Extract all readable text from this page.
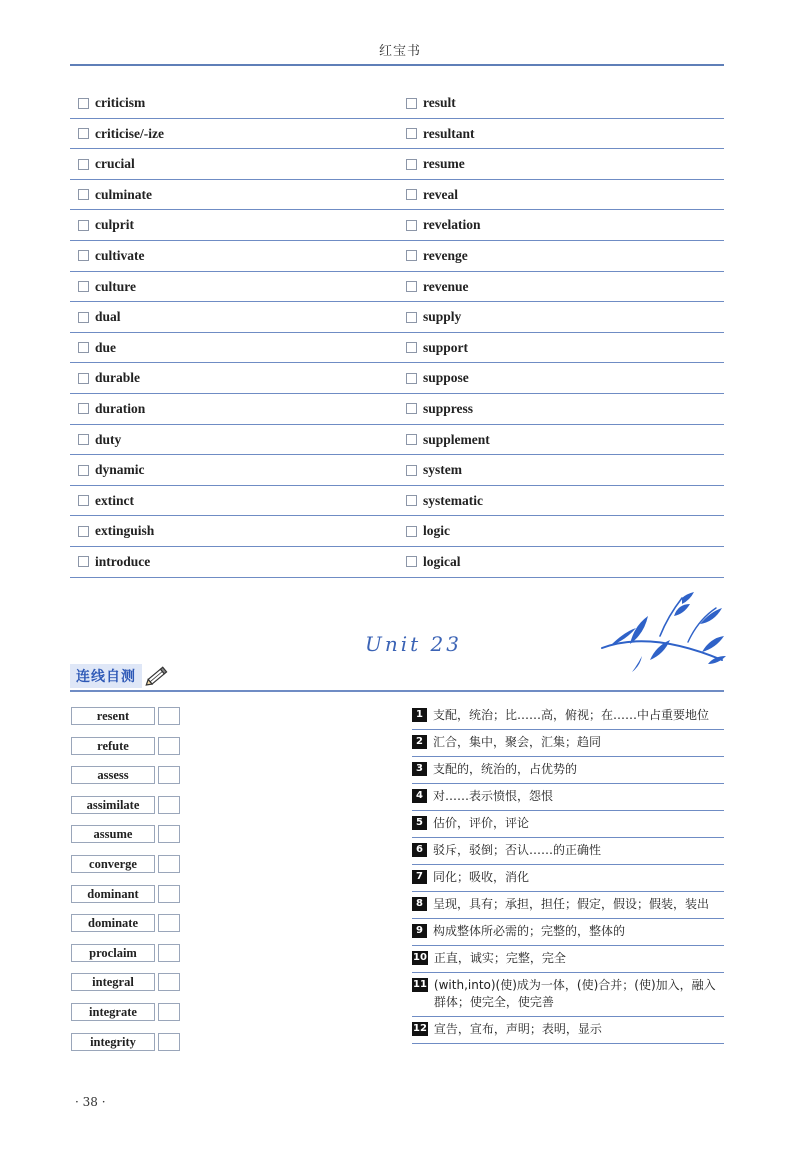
红宝书
criticism	result
criticise/-ize	resultant
crucial	resume
culminate	reveal
culprit	revelation
cultivate	revenge
culture	revenue
dual	supply
due	support
durable	suppose
duration	suppress
duty	supplement
dynamic	system
extinct	systematic
extinguish	logic
introduce	logical
Unit 23
连线自测
resent
refute
assess
assimilate
assume
converge
dominant
dominate
proclaim
integral
integrate
integrity
1 支配，统治；比……高，俯视；在……中占重要地位
2 汇合，集中，聚会，汇集；趋同
3 支配的，统治的，占优势的
4 对……表示愤恨，怨恨
5 估价，评价，评论
6 驳斥，驳倒；否认……的正确性
7 同化；吸收，消化
8 呈现，具有；承担，担任；假定，假设；假装，装出
9 构成整体所必需的；完整的，整体的
10 正直，诚实；完整，完全
11 (with,into)(使)成为一体，(使)合并；(使)加入，融入群体；使完全，使完善
12 宣告，宣布，声明；表明，显示
· 38 ·
